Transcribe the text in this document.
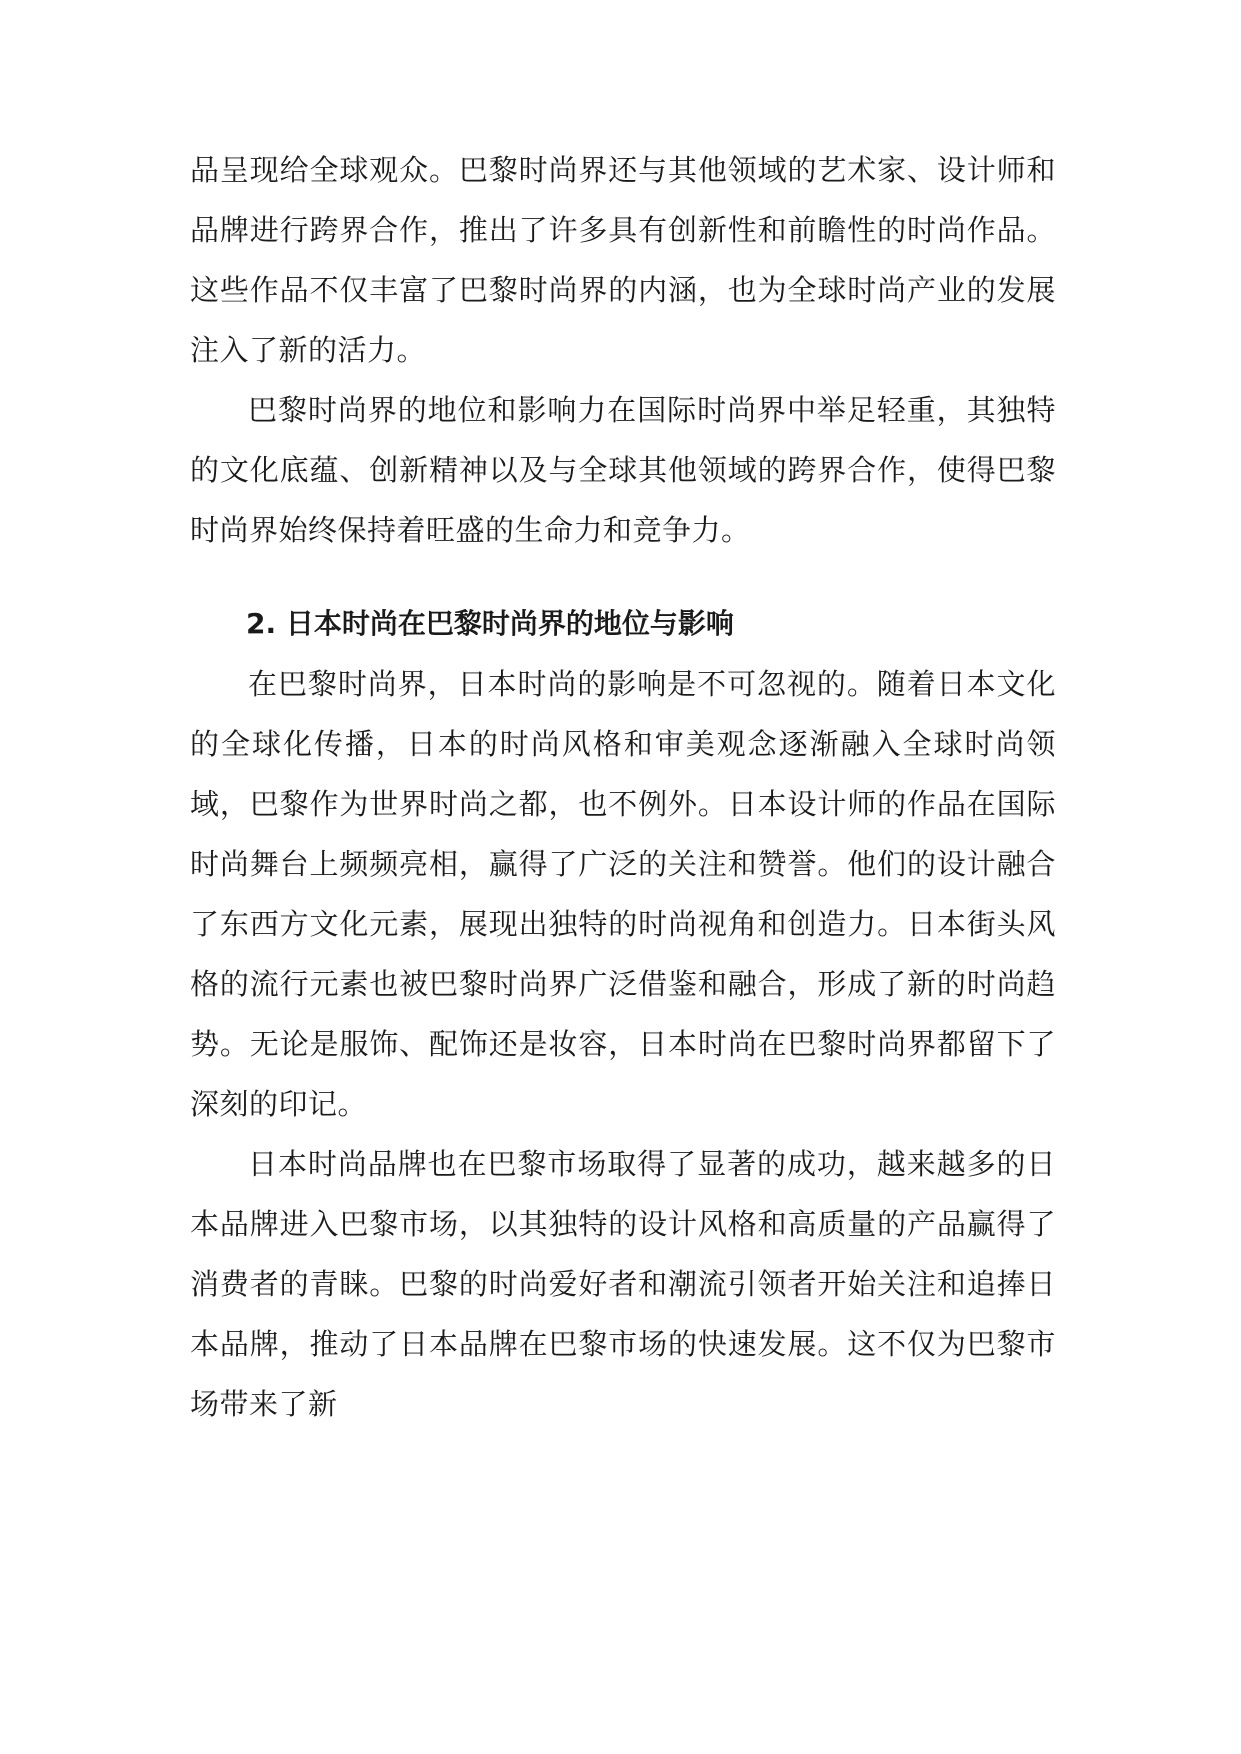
品呈现给全球观众。巴黎时尚界还与其他领域的艺术家、设计师和品牌进行跨界合作，推出了许多具有创新性和前瞻性的时尚作品。这些作品不仅丰富了巴黎时尚界的内涵，也为全球时尚产业的发展注入了新的活力。

巴黎时尚界的地位和影响力在国际时尚界中举足轻重，其独特的文化底蕴、创新精神以及与全球其他领域的跨界合作，使得巴黎时尚界始终保持着旺盛的生命力和竞争力。

2. 日本时尚在巴黎时尚界的地位与影响

在巴黎时尚界，日本时尚的影响是不可忽视的。随着日本文化的全球化传播，日本的时尚风格和审美观念逐渐融入全球时尚领域，巴黎作为世界时尚之都，也不例外。日本设计师的作品在国际时尚舞台上频频亮相，赢得了广泛的关注和赞誉。他们的设计融合了东西方文化元素，展现出独特的时尚视角和创造力。日本街头风格的流行元素也被巴黎时尚界广泛借鉴和融合，形成了新的时尚趋势。无论是服饰、配饰还是妆容，日本时尚在巴黎时尚界都留下了深刻的印记。

日本时尚品牌也在巴黎市场取得了显著的成功，越来越多的日本品牌进入巴黎市场，以其独特的设计风格和高质量的产品赢得了消费者的青睐。巴黎的时尚爱好者和潮流引领者开始关注和追捧日本品牌，推动了日本品牌在巴黎市场的快速发展。这不仅为巴黎市场带来了新
